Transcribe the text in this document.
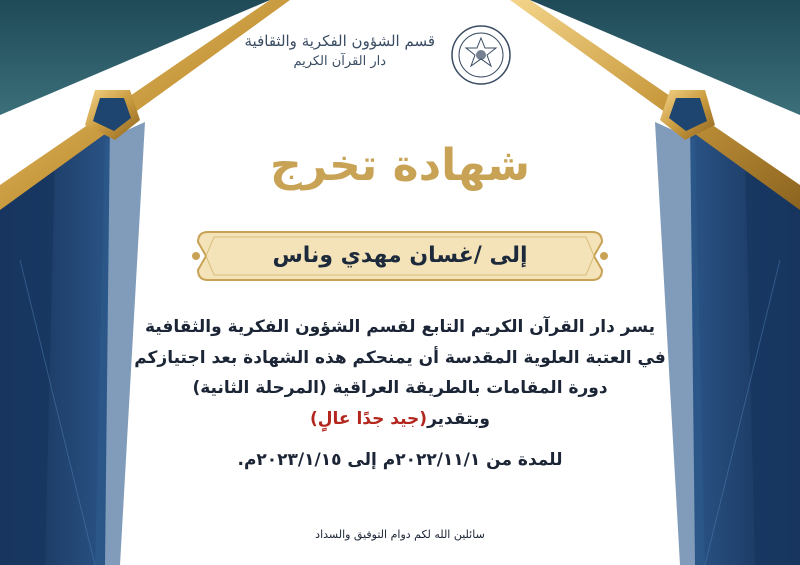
قسم الشؤون الفكرية والثقافية
دار القرآن الكريم
شهادة تخرج
إلى /غسان مهدي وناس

يسر دار القرآن الكريم التابع لقسم الشؤون الفكرية والثقافية

في العتبة العلوية المقدسة أن يمنحكم هذه الشهادة بعد اجتيازكم

دورة المقامات بالطريقة العراقية (المرحلة الثانية)

وبتقدير(جيد جدًا عالٍ)
للمدة من ٢٠٢٢/١١/١م إلى ٢٠٢٣/١/١٥م.
سائلين الله لكم دوام التوفيق والسداد
